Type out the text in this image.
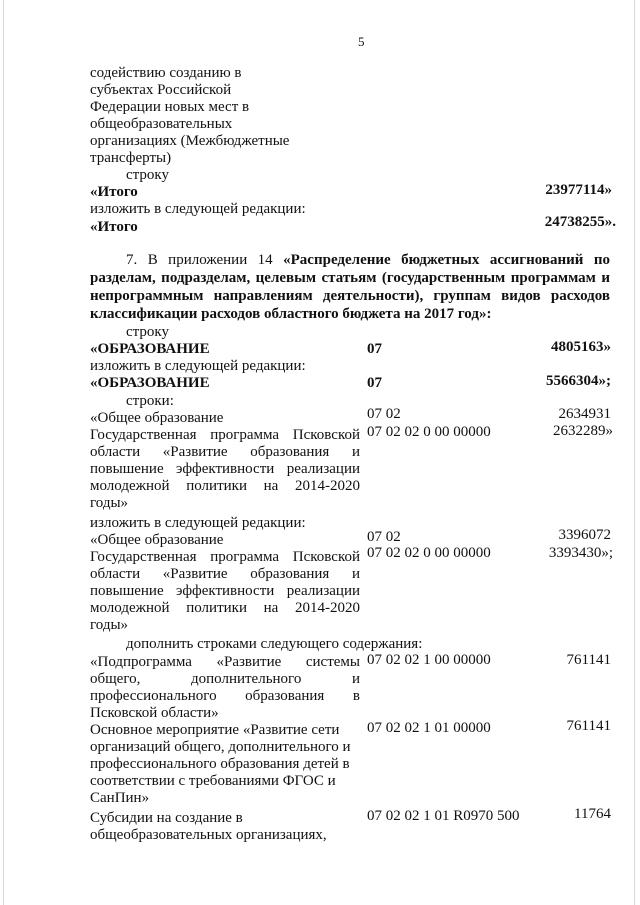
5
содействию созданию в
субъектах Российской
Федерации новых мест в
общеобразовательных
организациях (Межбюджетные
трансферты)
строку
«Итого	23977114»
изложить в следующей редакции:
«Итого	24738255».
7. В приложении 14 «Распределение бюджетных ассигнований по
разделам, подразделам, целевым статьям (государственным программам и
непрограммным направлениям деятельности), группам видов расходов
классификации расходов областного бюджета на 2017 год»:
строку
«ОБРАЗОВАНИЕ	07	4805163»
изложить в следующей редакции:
«ОБРАЗОВАНИЕ	07	5566304»;
строки:
«Общее образование	07 02	2634931
Государственная программа Псковской
области «Развитие образования и
повышение эффективности реализации
молодежной политики на 2014-2020
годы»
07 02 02 0 00 00000	2632289»
изложить в следующей редакции:
«Общее образование	07 02	3396072
Государственная программа Псковской
области «Развитие образования и
повышение эффективности реализации
молодежной политики на 2014-2020
годы»
07 02 02 0 00 00000	3393430»;
дополнить строками следующего содержания:
«Подпрограмма «Развитие системы
общего, дополнительного и
профессионального образования в
Псковской области»
07 02 02 1 00 00000	761141
Основное мероприятие «Развитие сети
организаций общего, дополнительного и
профессионального образования детей в
соответствии с требованиями ФГОС и
СанПин»
07 02 02 1 01 00000	761141
Субсидии на создание в
общеобразовательных организациях,
07 02 02 1 01 R0970 500	11764
